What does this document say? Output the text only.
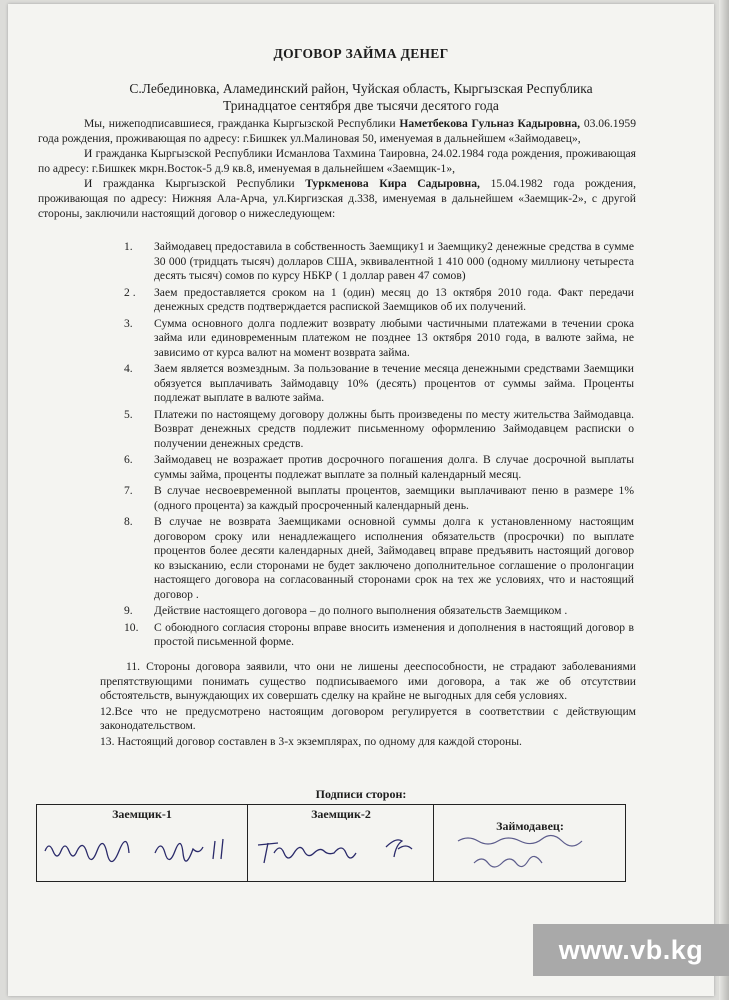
ДОГОВОР ЗАЙМА ДЕНЕГ
С.Лебединовка, Аламединский район, Чуйская область, Кыргызская Республика
Тринадцатое сентября две тысячи десятого года

Мы, нижеподписавшиеся, гражданка Кыргызской Республики Наметбекова Гульназ Кадыровна, 03.06.1959 года рождения, проживающая по адресу: г.Бишкек ул.Малиновая 50, именуемая в дальнейшем «Займодавец»,

И гражданка Кыргызской Республики Исманлова Тахмина Таировна, 24.02.1984 года рождения, проживающая по адресу: г.Бишкек мкрн.Восток-5 д.9 кв.8, именуемая в дальнейшем «Заемщик-1»,

И гражданка Кыргызской Республики Туркменова Кира Садыровна, 15.04.1982 года рождения, проживающая по адресу: Нижняя Ала-Арча, ул.Киргизская д.338, именуемая в дальнейшем «Заемщик-2», с другой стороны, заключили настоящий договор о нижеследующем:

1. Займодавец предоставила в собственность Заемщику1 и Заемщику2 денежные средства в сумме 30 000 (тридцать тысяч) долларов США, эквивалентной 1 410 000 (одному миллиону четыреста десять тысяч) сомов по курсу НБКР ( 1 доллар равен 47 сомов)
2 . Заем предоставляется сроком на 1 (один) месяц до 13 октября 2010 года. Факт передачи денежных средств подтверждается распиской Заемщиков об их получений.
3. Сумма основного долга подлежит возврату любыми частичными платежами в течении срока займа или единовременным платежом не позднее 13 октября 2010 года, в валюте займа, не зависимо от курса валют на момент возврата займа.
4. Заем является возмездным. За пользование в течение месяца денежными средствами Заемщики обязуется выплачивать Займодавцу 10% (десять) процентов от суммы займа. Проценты подлежат выплате в валюте займа.
5. Платежи по настоящему договору должны быть произведены по месту жительства Займодавца. Возврат денежных средств подлежит письменному оформлению Займодавцем расписки о получении денежных средств.
6. Займодавец не возражает против досрочного погашения долга. В случае досрочной выплаты суммы займа, проценты подлежат выплате за полный календарный месяц.
7. В случае несвоевременной выплаты процентов, заемщики выплачивают пеню в размере 1% (одного процента) за каждый просроченный календарный день.
8. В случае не возврата Заемщиками основной суммы долга к установленному настоящим договором сроку или ненадлежащего исполнения обязательств (просрочки) по выплате процентов более десяти календарных дней, Займодавец вправе предъявить настоящий договор ко взысканию, если сторонами не будет заключено дополнительное соглашение о пролонгации настоящего договора на согласованный сторонами срок на тех же условиях, что и настоящий договор .
9. Действие настоящего договора – до полного выполнения обязательств Заемщиком .
10. С обоюдного согласия стороны вправе вносить изменения и дополнения в настоящий договор в простой письменной форме.

11. Стороны договора заявили, что они не лишены дееспособности, не страдают заболеваниями препятствующими понимать существо подписываемого ими договора, а так же об отсутствии обстоятельств, вынуждающих их совершать сделку на крайне не выгодных для себя условиях.

12.Все что не предусмотрено настоящим договором регулируется в соответствии с действующим законодательством.

13. Настоящий договор составлен в 3-х экземплярах, по одному для каждой стороны.

Подписи сторон:
Заемщик-1	Заемщик-2
Займодавец:
www.vb.kg
